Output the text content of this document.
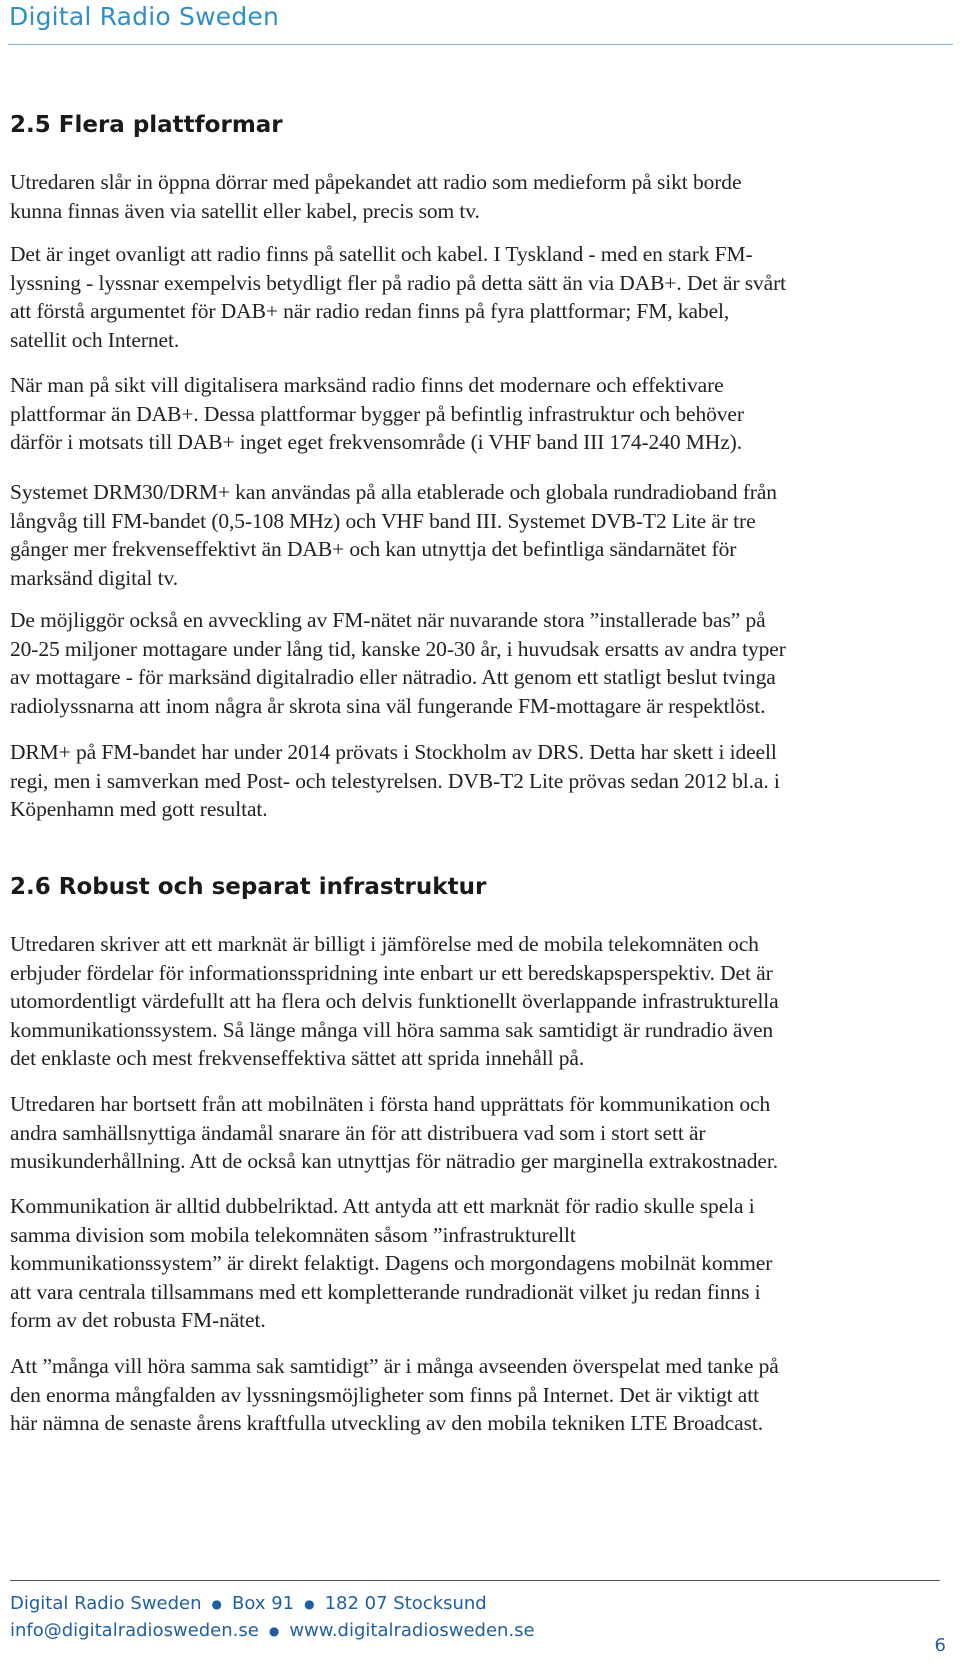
Digital Radio Sweden
2.5 Flera plattformar
Utredaren slår in öppna dörrar med påpekandet att radio som medieform på sikt borde
kunna finnas även via satellit eller kabel, precis som tv.
Det är inget ovanligt att radio finns på satellit och kabel. I Tyskland - med en stark FM-
lyssning - lyssnar exempelvis betydligt fler på radio på detta sätt än via DAB+. Det är svårt
att förstå argumentet för DAB+ när radio redan finns på fyra plattformar; FM, kabel,
satellit och Internet.
När man på sikt vill digitalisera marksänd radio finns det modernare och effektivare
plattformar än DAB+. Dessa plattformar bygger på befintlig infrastruktur och behöver
därför i motsats till DAB+ inget eget frekvensområde (i VHF band III 174-240 MHz).
Systemet DRM30/DRM+ kan användas på alla etablerade och globala rundradioband från
långvåg till FM-bandet (0,5-108 MHz) och VHF band III. Systemet DVB-T2 Lite är tre
gånger mer frekvenseffektivt än DAB+ och kan utnyttja det befintliga sändarnätet för
marksänd digital tv.
De möjliggör också en avveckling av FM-nätet när nuvarande stora ”installerade bas” på
20-25 miljoner mottagare under lång tid, kanske 20-30 år, i huvudsak ersatts av andra typer
av mottagare - för marksänd digitalradio eller nätradio. Att genom ett statligt beslut tvinga
radiolyssnarna att inom några år skrota sina väl fungerande FM-mottagare är respektlöst.
DRM+ på FM-bandet har under 2014 prövats i Stockholm av DRS. Detta har skett i ideell
regi, men i samverkan med Post- och telestyrelsen. DVB-T2 Lite prövas sedan 2012 bl.a. i
Köpenhamn med gott resultat.
2.6 Robust och separat infrastruktur
Utredaren skriver att ett marknät är billigt i jämförelse med de mobila telekomnäten och
erbjuder fördelar för informationsspridning inte enbart ur ett beredskapsperspektiv. Det är
utomordentligt värdefullt att ha flera och delvis funktionellt överlappande infrastrukturella
kommunikationssystem. Så länge många vill höra samma sak samtidigt är rundradio även
det enklaste och mest frekvenseffektiva sättet att sprida innehåll på.
Utredaren har bortsett från att mobilnäten i första hand upprättats för kommunikation och
andra samhällsnyttiga ändamål snarare än för att distribuera vad som i stort sett är
musikunderhållning. Att de också kan utnyttjas för nätradio ger marginella extrakostnader.
Kommunikation är alltid dubbelriktad. Att antyda att ett marknät för radio skulle spela i
samma division som mobila telekomnäten såsom ”infrastrukturellt
kommunikationssystem” är direkt felaktigt. Dagens och morgondagens mobilnät kommer
att vara centrala tillsammans med ett kompletterande rundradionät vilket ju redan finns i
form av det robusta FM-nätet.
Att ”många vill höra samma sak samtidigt” är i många avseenden överspelat med tanke på
den enorma mångfalden av lyssningsmöjligheter som finns på Internet. Det är viktigt att
här nämna de senaste årens kraftfulla utveckling av den mobila tekniken LTE Broadcast.
Digital Radio Sweden ● Box 91 ● 182 07 Stocksund
info@digitalradiosweden.se ● www.digitalradiosweden.se
6
